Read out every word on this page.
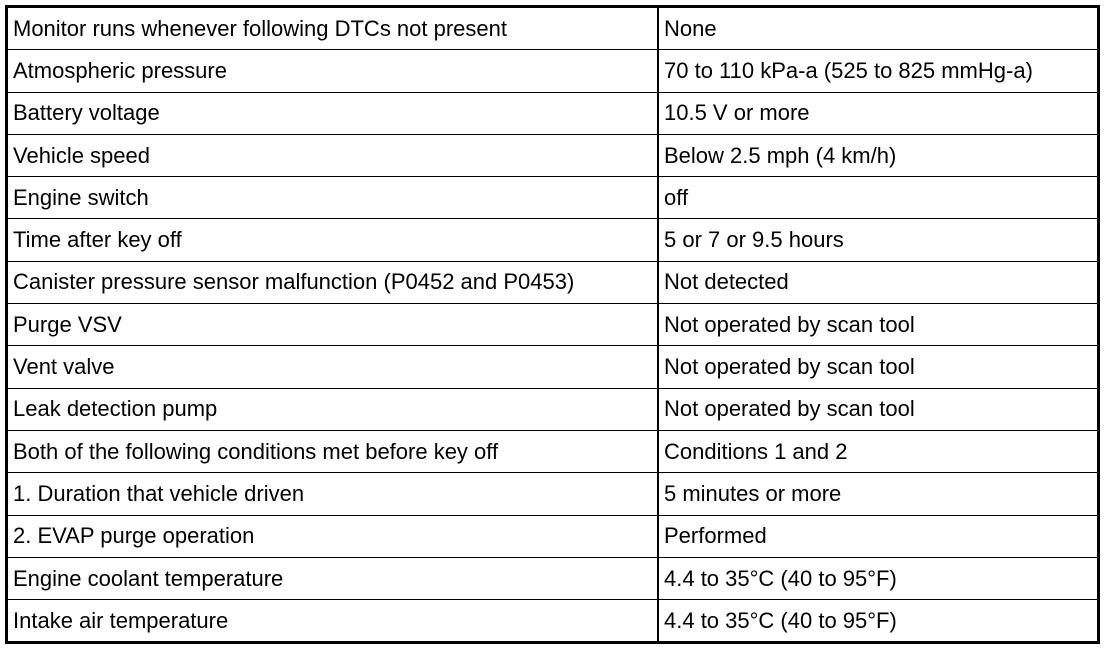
Monitor runs whenever following DTCs not present	None
Atmospheric pressure	70 to 110 kPa-a (525 to 825 mmHg-a)
Battery voltage	10.5 V or more
Vehicle speed	Below 2.5 mph (4 km/h)
Engine switch	off
Time after key off	5 or 7 or 9.5 hours
Canister pressure sensor malfunction (P0452 and P0453)	Not detected
Purge VSV	Not operated by scan tool
Vent valve	Not operated by scan tool
Leak detection pump	Not operated by scan tool
Both of the following conditions met before key off	Conditions 1 and 2
1. Duration that vehicle driven	5 minutes or more
2. EVAP purge operation	Performed
Engine coolant temperature	4.4 to 35°C (40 to 95°F)
Intake air temperature	4.4 to 35°C (40 to 95°F)
